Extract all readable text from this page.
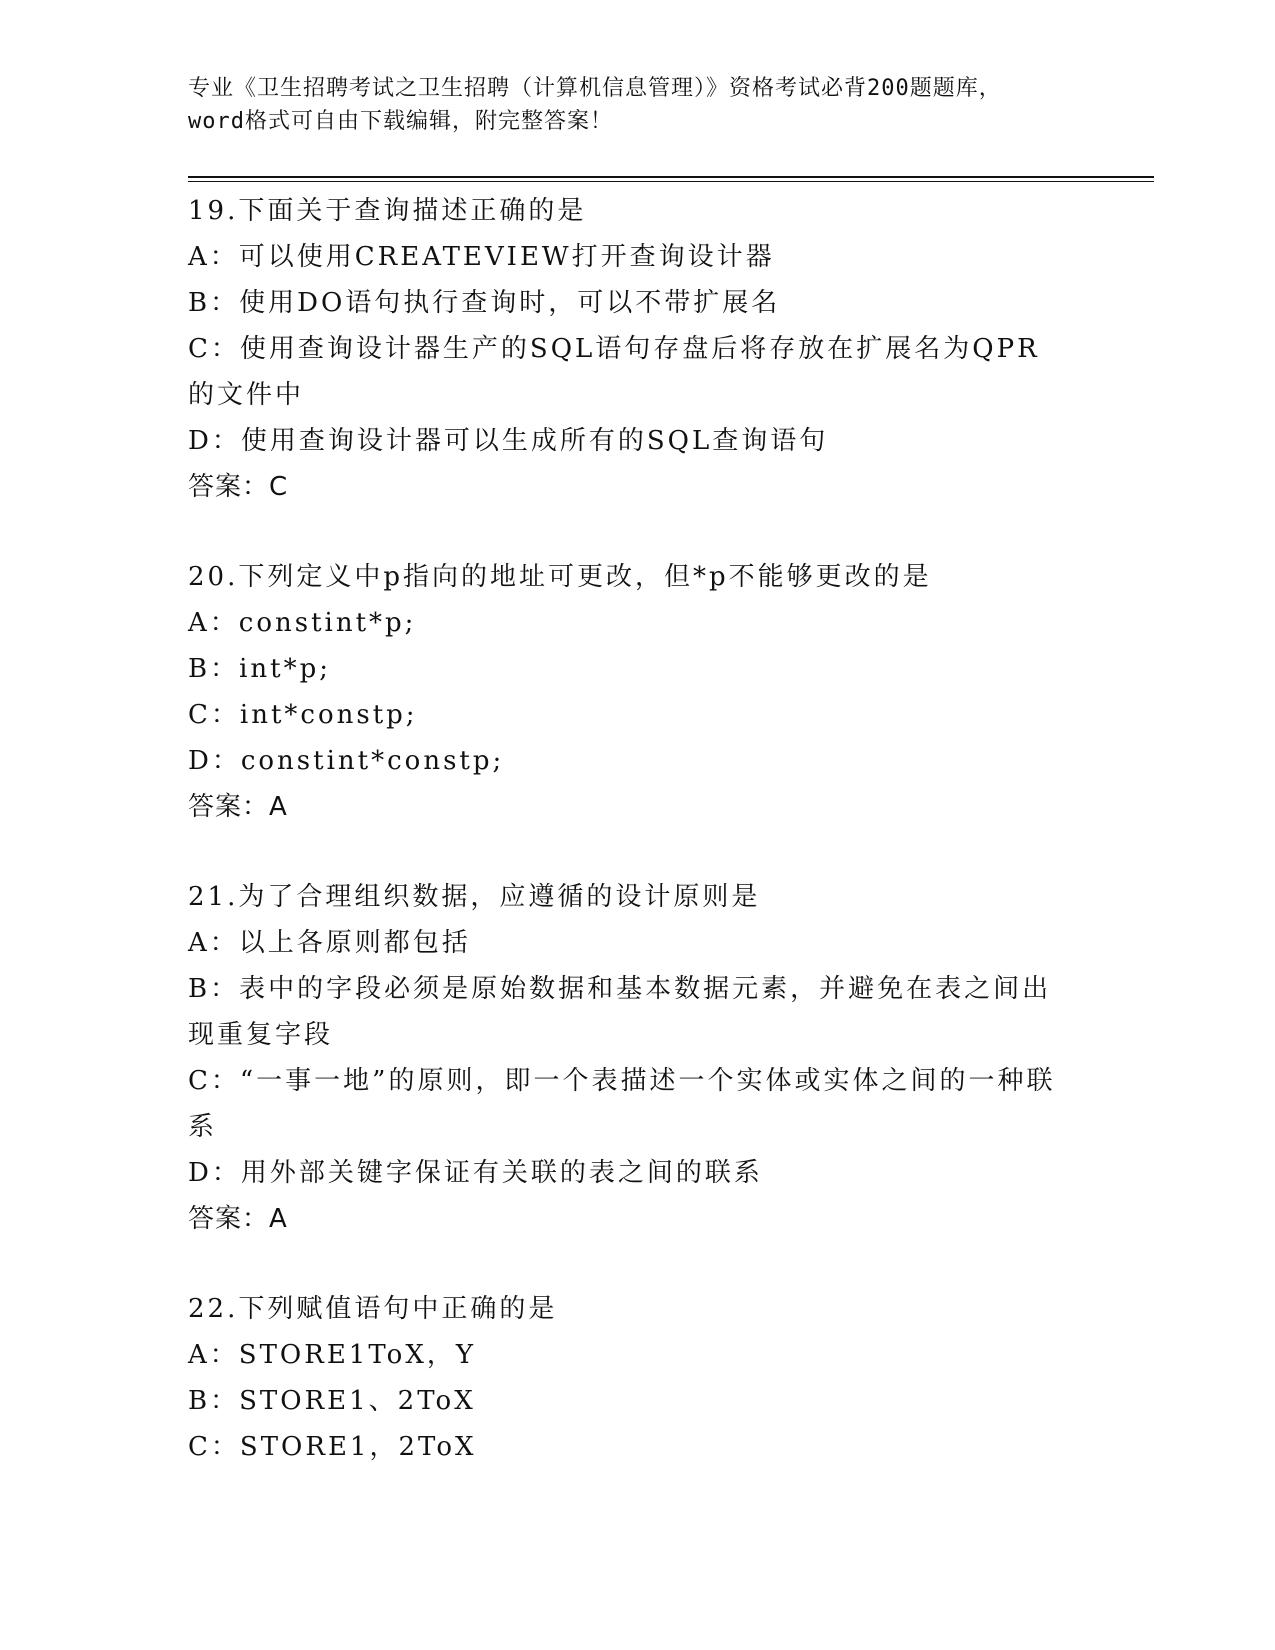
专业《卫生招聘考试之卫生招聘（计算机信息管理）》资格考试必背200题题库，
word格式可自由下载编辑，附完整答案！

19.下面关于查询描述正确的是

A：可以使用CREATEVIEW打开查询设计器

B：使用DO语句执行查询时，可以不带扩展名

C：使用查询设计器生产的SQL语句存盘后将存放在扩展名为QPR的文件中

D：使用查询设计器可以生成所有的SQL查询语句

答案：C

20.下列定义中p指向的地址可更改，但*p不能够更改的是

A：constint*p;

B：int*p;

C：int*constp;

D：constint*constp;

答案：A

21.为了合理组织数据，应遵循的设计原则是

A：以上各原则都包括

B：表中的字段必须是原始数据和基本数据元素，并避免在表之间出现重复字段

C：“一事一地”的原则，即一个表描述一个实体或实体之间的一种联系

D：用外部关键字保证有关联的表之间的联系

答案：A

22.下列赋值语句中正确的是

A：STORE1ToX，Y

B：STORE1、2ToX

C：STORE1，2ToX
